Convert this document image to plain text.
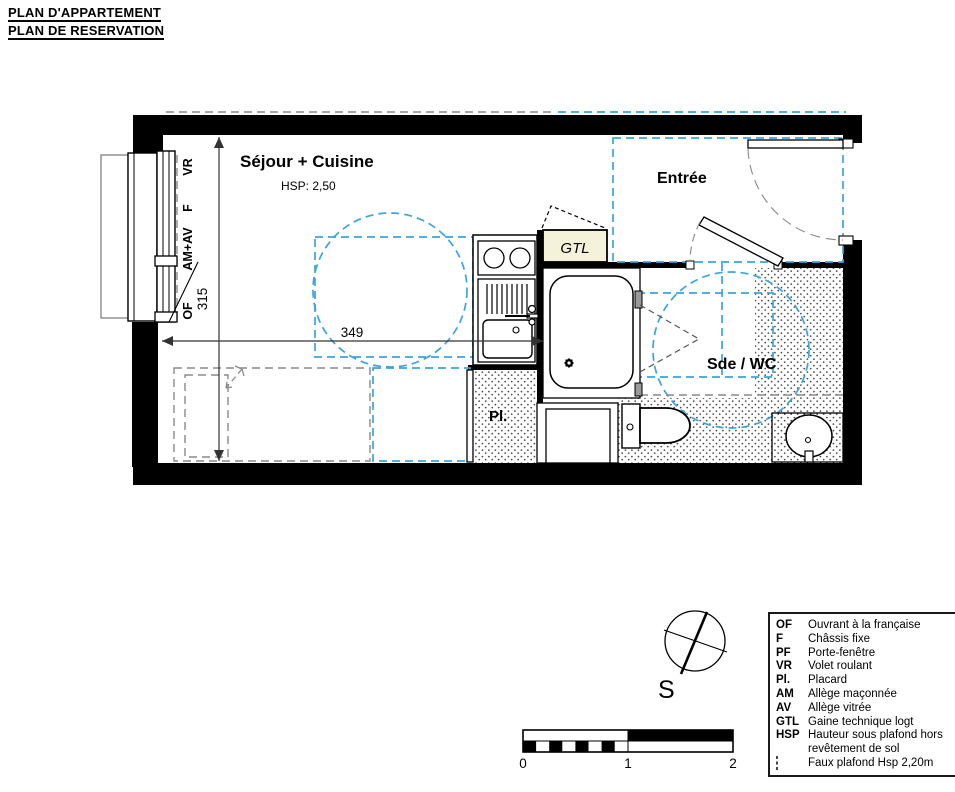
PLAN D'APPARTEMENT
PLAN DE RESERVATION
349
315
Séjour + Cuisine
HSP: 2,50	Entrée
Sde / WC
Pl.
GTL
VR
F
AM+AV
OF
S
0	1	2
OF	Ouvrant à la française
F	Châssis fixe
PF	Porte-fenêtre
VR	Volet roulant
Pl.	Placard
AM	Allège maçonnée
AV	Allège vitrée
GTL Gaine technique logt
HSP Hauteur sous plafond hors revêtement de sol
Faux plafond Hsp 2,20m
